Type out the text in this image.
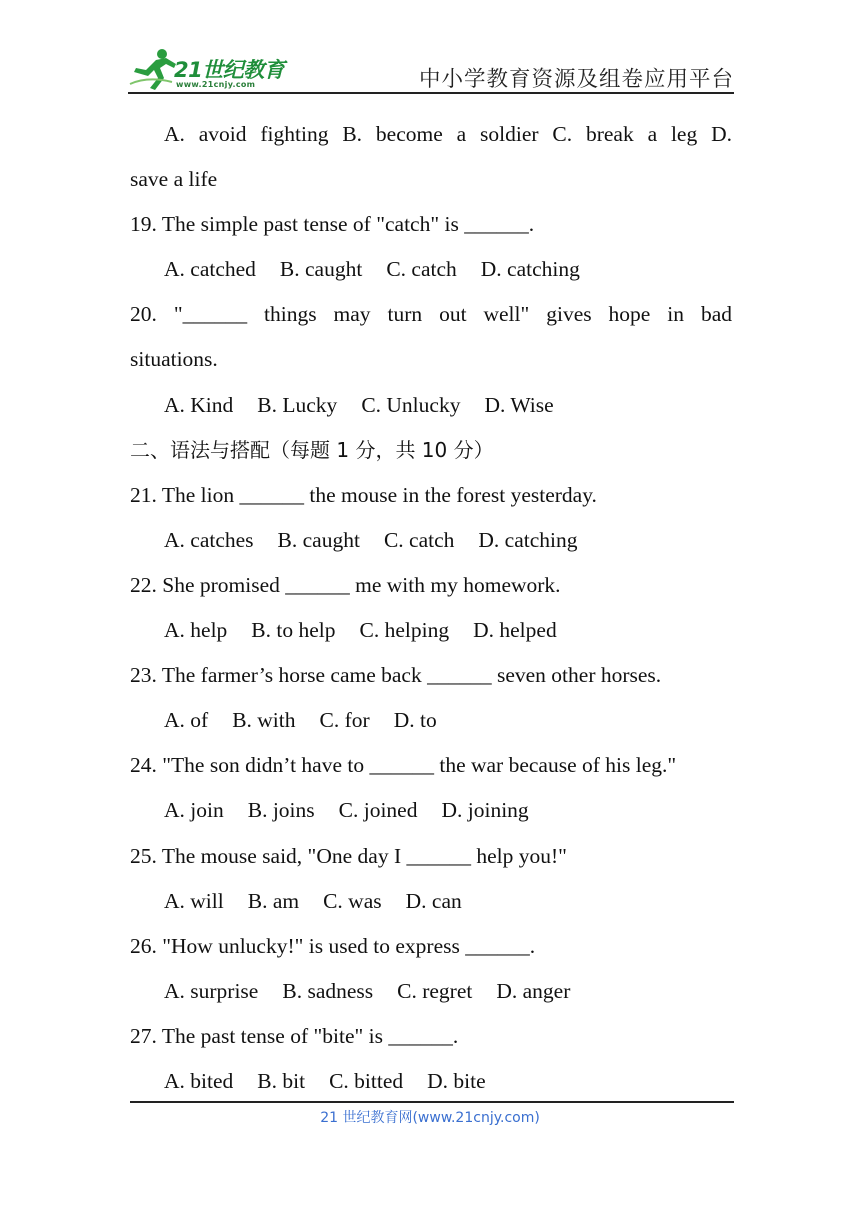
21世纪教育
www.21cnjy.com	中小学教育资源及组卷应用平台
A. avoid fighting B. become a soldier C. break a leg D.
save a life
19. The simple past tense of "catch" is ______.
A. catched B. caught C. catch D. catching
20. "______ things may turn out well" gives hope in bad
situations.
A. Kind B. Lucky C. Unlucky D. Wise
二、语法与搭配（每题 1 分，共 10 分）
21. The lion ______ the mouse in the forest yesterday.
A. catches B. caught C. catch D. catching
22. She promised ______ me with my homework.
A. help B. to help C. helping D. helped
23. The farmer’s horse came back ______ seven other horses.
A. of B. with C. for D. to
24. "The son didn’t have to ______ the war because of his leg."
A. join B. joins C. joined D. joining
25. The mouse said, "One day I ______ help you!"
A. will B. am C. was D. can
26. "How unlucky!" is used to express ______.
A. surprise B. sadness C. regret D. anger
27. The past tense of "bite" is ______.
A. bited B. bit C. bitted D. bite
21 世纪教育网(www.21cnjy.com)
